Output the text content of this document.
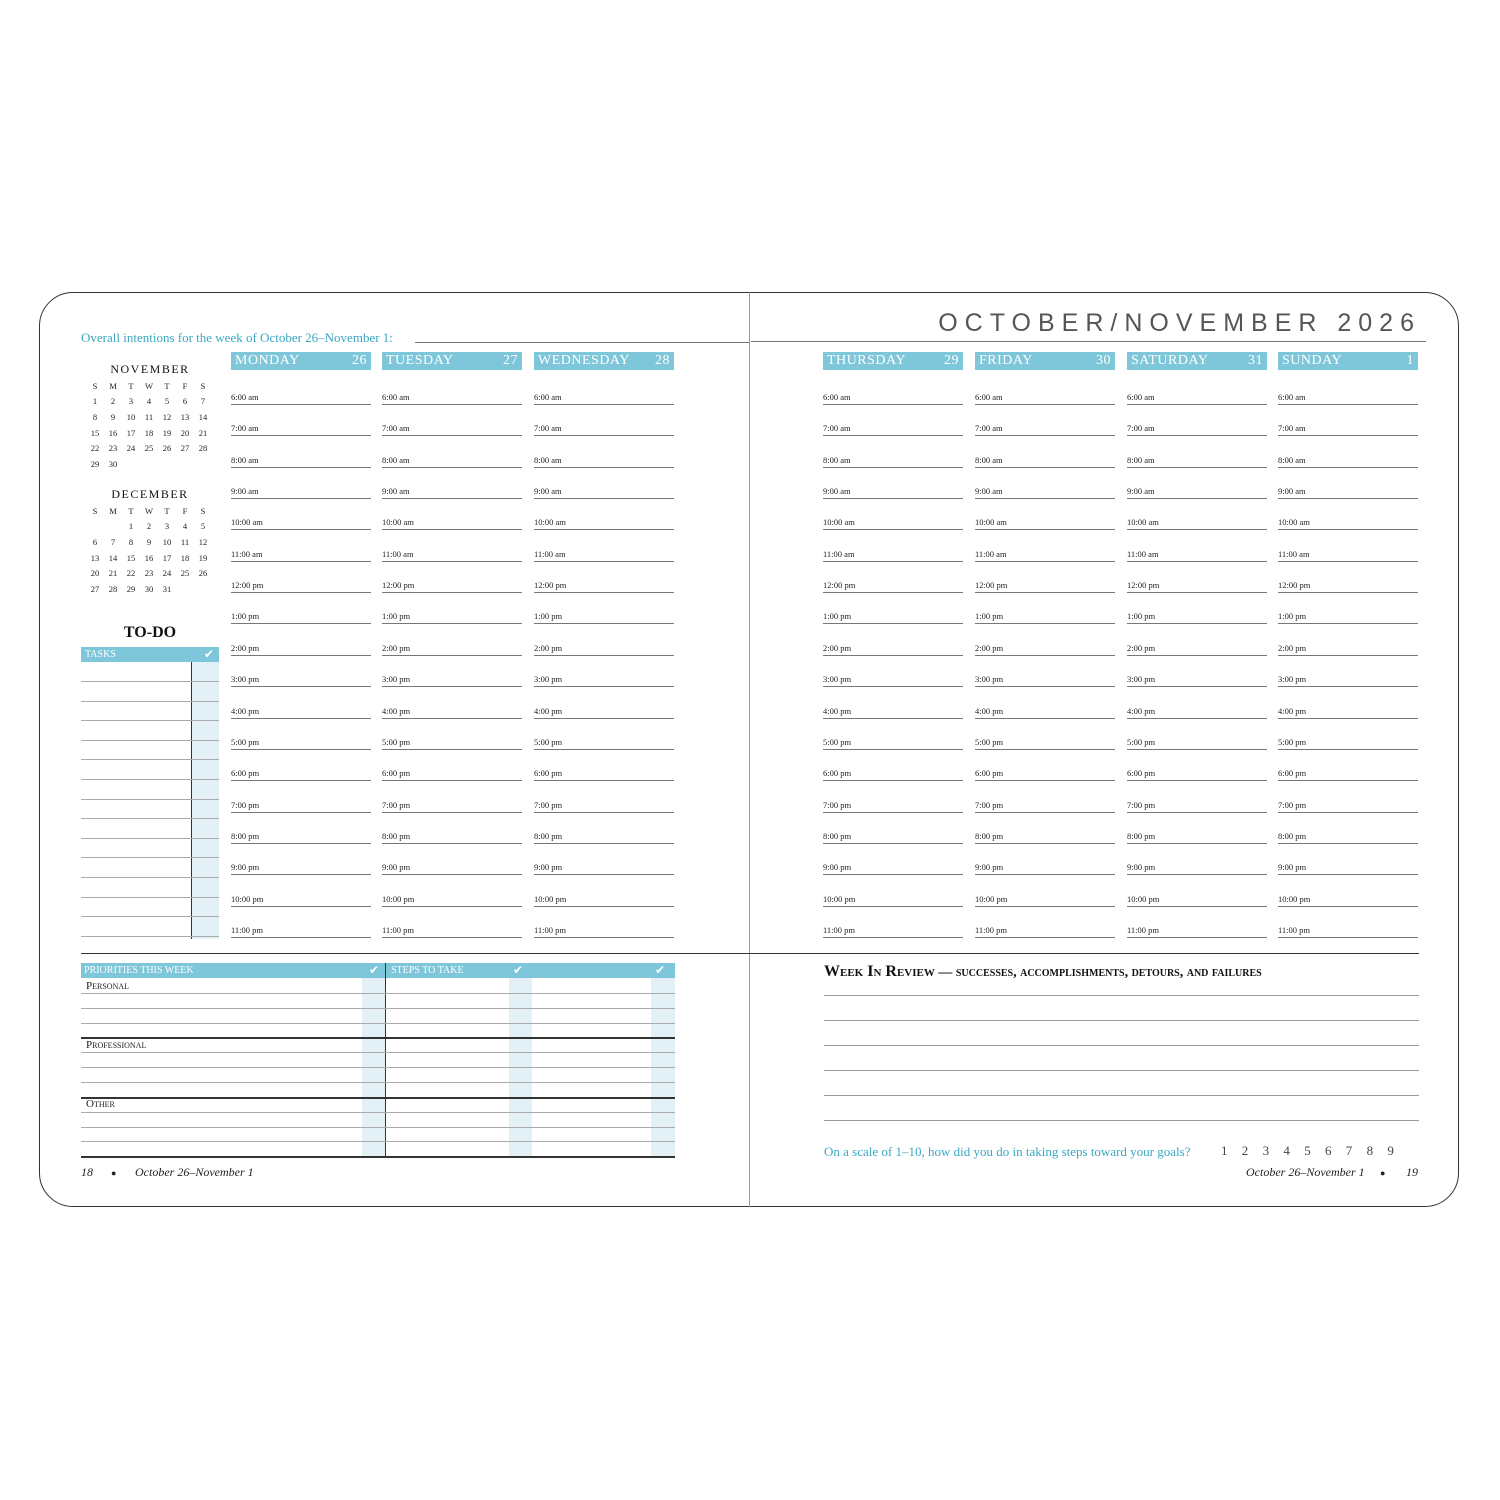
Overall intentions for the week of October 26–November 1:
OCTOBER/NOVEMBER 2026
NOVEMBER
S	M	T	W	T	F	S
1	2	3	4	5	6	7
8	9	10	11	12	13	14
15	16	17	18	19	20	21
22	23	24	25	26	27	28
29	30					
DECEMBER
S	M	T	W	T	F	S
		1	2	3	4	5
6	7	8	9	10	11	12
13	14	15	16	17	18	19
20	21	22	23	24	25	26
27	28	29	30	31		
TO-DO
TASKS	✔
PRIORITIES THIS WEEK	✔ STEPS TO TAKE	✔	✔
Personal
Professional
Other
Week In Review — successes, accomplishments, detours, and failures
On a scale of 1–10, how did you do in taking steps toward your goals? 1 2 3 4 5 6 7 8 9
18 ● October 26–November 1	October 26–November 1 ● 19
MONDAY	26
6:00 am
7:00 am
8:00 am
9:00 am
10:00 am
11:00 am
12:00 pm
1:00 pm
2:00 pm
3:00 pm
4:00 pm
5:00 pm
6:00 pm
7:00 pm
8:00 pm
9:00 pm
10:00 pm
11:00 pm
TUESDAY	27
6:00 am
7:00 am
8:00 am
9:00 am
10:00 am
11:00 am
12:00 pm
1:00 pm
2:00 pm
3:00 pm
4:00 pm
5:00 pm
6:00 pm
7:00 pm
8:00 pm
9:00 pm
10:00 pm
11:00 pm
WEDNESDAY 28
6:00 am
7:00 am
8:00 am
9:00 am
10:00 am
11:00 am
12:00 pm
1:00 pm
2:00 pm
3:00 pm
4:00 pm
5:00 pm
6:00 pm
7:00 pm
8:00 pm
9:00 pm
10:00 pm
11:00 pm
THURSDAY	29
6:00 am
7:00 am
8:00 am
9:00 am
10:00 am
11:00 am
12:00 pm
1:00 pm
2:00 pm
3:00 pm
4:00 pm
5:00 pm
6:00 pm
7:00 pm
8:00 pm
9:00 pm
10:00 pm
11:00 pm
FRIDAY	30
6:00 am
7:00 am
8:00 am
9:00 am
10:00 am
11:00 am
12:00 pm
1:00 pm
2:00 pm
3:00 pm
4:00 pm
5:00 pm
6:00 pm
7:00 pm
8:00 pm
9:00 pm
10:00 pm
11:00 pm
SATURDAY	31
6:00 am
7:00 am
8:00 am
9:00 am
10:00 am
11:00 am
12:00 pm
1:00 pm
2:00 pm
3:00 pm
4:00 pm
5:00 pm
6:00 pm
7:00 pm
8:00 pm
9:00 pm
10:00 pm
11:00 pm
SUNDAY	1
6:00 am
7:00 am
8:00 am
9:00 am
10:00 am
11:00 am
12:00 pm
1:00 pm
2:00 pm
3:00 pm
4:00 pm
5:00 pm
6:00 pm
7:00 pm
8:00 pm
9:00 pm
10:00 pm
11:00 pm
